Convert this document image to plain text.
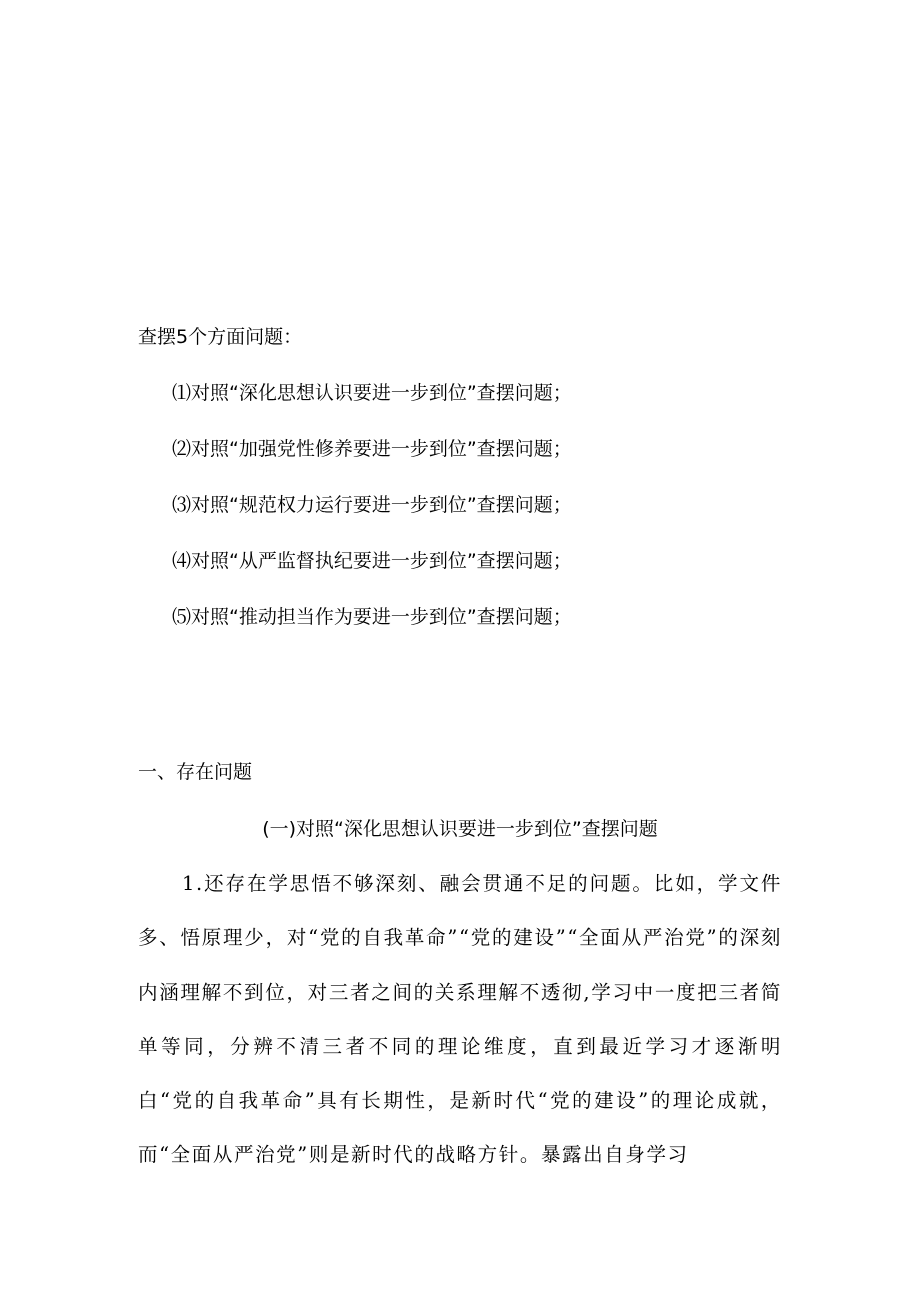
查摆5个方面问题：
⑴对照“深化思想认识要进一步到位”查摆问题；
⑵对照“加强党性修养要进一步到位”查摆问题；
⑶对照“规范权力运行要进一步到位”查摆问题；
⑷对照“从严监督执纪要进一步到位”查摆问题；
⑸对照“推动担当作为要进一步到位”查摆问题；
一、存在问题
(一)对照“深化思想认识要进一步到位”查摆问题
1.还存在学思悟不够深刻、融会贯通不足的问题。比如，学文件多、悟原理少，对“党的自我革命”“党的建设”“全面从严治党”的深刻内涵理解不到位，对三者之间的关系理解不透彻,学习中一度把三者简单等同，分辨不清三者不同的理论维度，直到最近学习才逐渐明白“党的自我革命”具有长期性，是新时代“党的建设”的理论成就，而“全面从严治党”则是新时代的战略方针。暴露出自身学习
